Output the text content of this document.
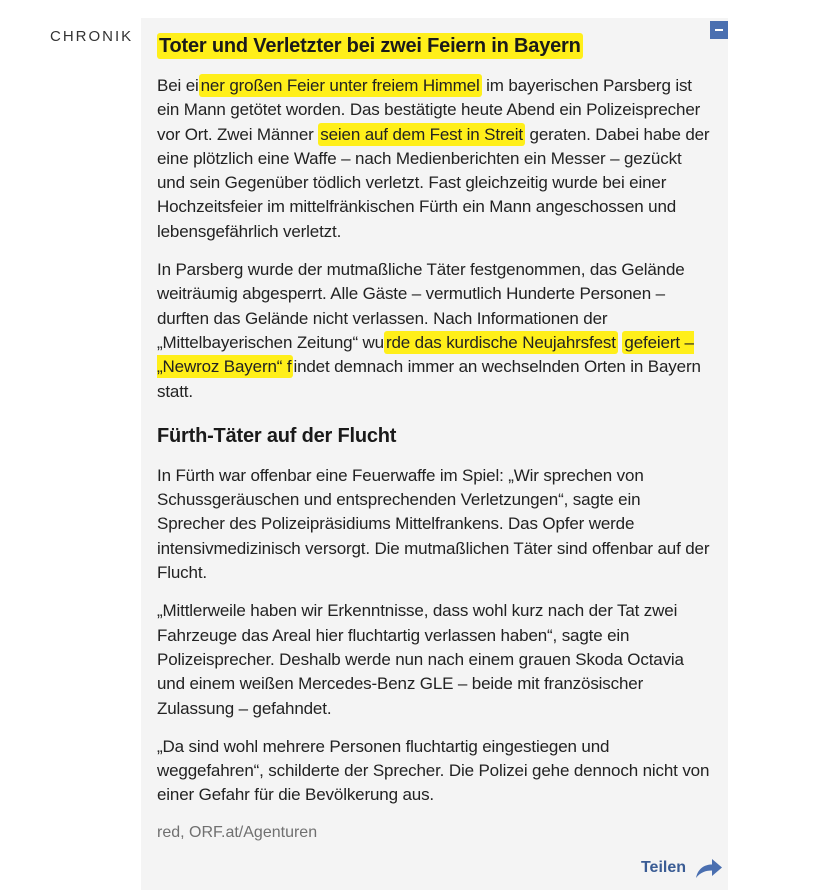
CHRONIK Toter und Verletzter bei zwei Feiern in Bayern

Bei ei ner großen Feier unter freiem Himmel im bayerischen Parsberg ist ein Mann getötet worden. Das bestätigte heute Abend ein Polizeisprecher vor Ort. Zwei Männer seien auf dem Fest in Streit geraten. Dabei habe der eine plötzlich eine Waffe – nach Medienberichten ein Messer – gezückt und sein Gegenüber tödlich verletzt. Fast gleichzeitig wurde bei einer Hochzeitsfeier im mittelfränkischen Fürth ein Mann angeschossen und lebensgefährlich verletzt.

In Parsberg wurde der mutmaßliche Täter festgenommen, das Gelände weiträumig abgesperrt. Alle Gäste – vermutlich Hunderte Personen – durften das Gelände nicht verlassen. Nach Informationen der „Mittelbayerischen Zeitung“ wu rde das kurdische Neujahrsfest gefeiert – „Newroz Bayern“ f indet demnach immer an wechselnden Orten in Bayern statt.

Fürth-Täter auf der Flucht

In Fürth war offenbar eine Feuerwaffe im Spiel: „Wir sprechen von Schussgeräuschen und entsprechenden Verletzungen“, sagte ein Sprecher des Polizeipräsidiums Mittelfrankens. Das Opfer werde intensivmedizinisch versorgt. Die mutmaßlichen Täter sind offenbar auf der Flucht.

„Mittlerweile haben wir Erkenntnisse, dass wohl kurz nach der Tat zwei Fahrzeuge das Areal hier fluchtartig verlassen haben“, sagte ein Polizeisprecher. Deshalb werde nun nach einem grauen Skoda Octavia und einem weißen Mercedes-Benz GLE – beide mit französischer Zulassung – gefahndet.

„Da sind wohl mehrere Personen fluchtartig eingestiegen und weggefahren“, schilderte der Sprecher. Die Polizei gehe dennoch nicht von einer Gefahr für die Bevölkerung aus.

red, ORF.at/Agenturen
Teilen
